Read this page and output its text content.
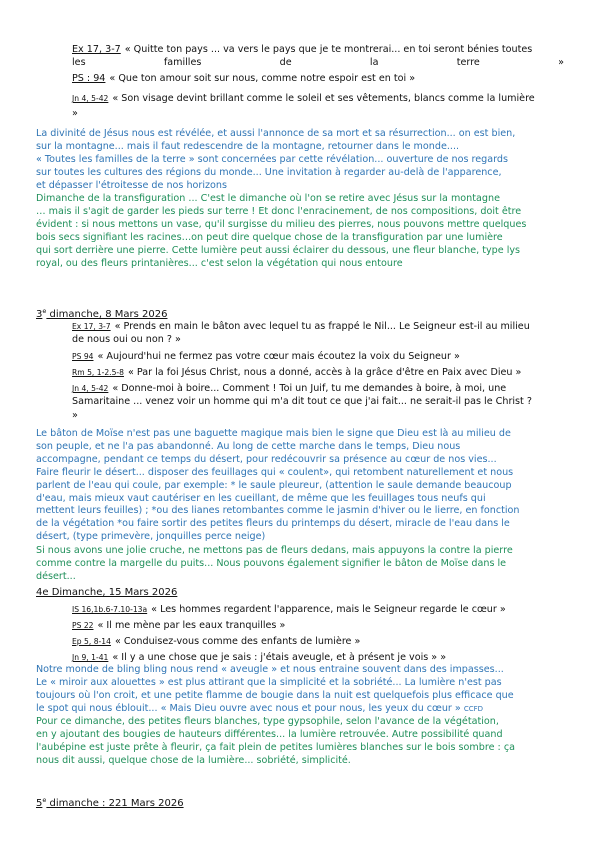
Ex 17, 3-7 « Quitte ton pays ... va vers le pays que je te montrerai... en toi seront bénies toutes
les	familles	de	la	terre	»
PS : 94 « Que ton amour soit sur nous, comme notre espoir est en toi »
Jn 4, 5-42 « Son visage devint brillant comme le soleil et ses vêtements, blancs comme la lumière
»
La divinité de Jésus nous est révélée, et aussi l'annonce de sa mort et sa résurrection... on est bien,
sur la montagne... mais il faut redescendre de la montagne, retourner dans le monde....
« Toutes les familles de la terre » sont concernées par cette révélation... ouverture de nos regards
sur toutes les cultures des régions du monde... Une invitation à regarder au-delà de l'apparence,
et dépasser l'étroitesse de nos horizons
Dimanche de la transfiguration ... C'est le dimanche où l'on se retire avec Jésus sur la montagne
… mais il s'agit de garder les pieds sur terre ! Et donc l'enracinement, de nos compositions, doit être
évident : si nous mettons un vase, qu'il surgisse du milieu des pierres, nous pouvons mettre quelques
bois secs signifiant les racines…on peut dire quelque chose de la transfiguration par une lumière
qui sort derrière une pierre. Cette lumière peut aussi éclairer du dessous, une fleur blanche, type lys
royal, ou des fleurs printanières... c'est selon la végétation qui nous entoure
3e dimanche, 8 Mars 2026
Ex 17, 3-7 « Prends en main le bâton avec lequel tu as frappé le Nil... Le Seigneur est-il au milieu
de nous oui ou non ? »
PS 94 « Aujourd'hui ne fermez pas votre cœur mais écoutez la voix du Seigneur »
Rm 5, 1-2.5-8 « Par la foi Jésus Christ, nous a donné, accès à la grâce d'être en Paix avec Dieu »
Jn 4, 5-42 « Donne-moi à boire... Comment ! Toi un Juif, tu me demandes à boire, à moi, une
Samaritaine ... venez voir un homme qui m'a dit tout ce que j'ai fait... ne serait-il pas le Christ ?
»
Le bâton de Moïse n'est pas une baguette magique mais bien le signe que Dieu est là au milieu de
son peuple, et ne l'a pas abandonné. Au long de cette marche dans le temps, Dieu nous
accompagne, pendant ce temps du désert, pour redécouvrir sa présence au cœur de nos vies...
Faire fleurir le désert... disposer des feuillages qui « coulent», qui retombent naturellement et nous
parlent de l'eau qui coule, par exemple: * le saule pleureur, (attention le saule demande beaucoup
d'eau, mais mieux vaut cautériser en les cueillant, de même que les feuillages tous neufs qui
mettent leurs feuilles) ; *ou des lianes retombantes comme le jasmin d'hiver ou le lierre, en fonction
de la végétation *ou faire sortir des petites fleurs du printemps du désert, miracle de l'eau dans le
désert, (type primevère, jonquilles perce neige)
Si nous avons une jolie cruche, ne mettons pas de fleurs dedans, mais appuyons la contre la pierre
comme contre la margelle du puits... Nous pouvons également signifier le bâton de Moïse dans le
désert...
4e Dimanche, 15 Mars 2026
IS 16,1b.6-7.10-13a « Les hommes regardent l'apparence, mais le Seigneur regarde le cœur »
PS 22 « Il me mène par les eaux tranquilles »
Ep 5, 8-14 « Conduisez-vous comme des enfants de lumière »
Jn 9, 1-41 « Il y a une chose que je sais : j'étais aveugle, et à présent je vois » »
Notre monde de bling bling nous rend « aveugle » et nous entraine souvent dans des impasses...
Le « miroir aux alouettes » est plus attirant que la simplicité et la sobriété... La lumière n'est pas
toujours où l'on croit, et une petite flamme de bougie dans la nuit est quelquefois plus efficace que
le spot qui nous éblouit... « Mais Dieu ouvre avec nous et pour nous, les yeux du cœur » CCFD
Pour ce dimanche, des petites fleurs blanches, type gypsophile, selon l'avance de la végétation,
en y ajoutant des bougies de hauteurs différentes... la lumière retrouvée. Autre possibilité quand
l'aubépine est juste prête à fleurir, ça fait plein de petites lumières blanches sur le bois sombre : ça
nous dit aussi, quelque chose de la lumière... sobriété, simplicité.
5e dimanche : 221 Mars 2026
